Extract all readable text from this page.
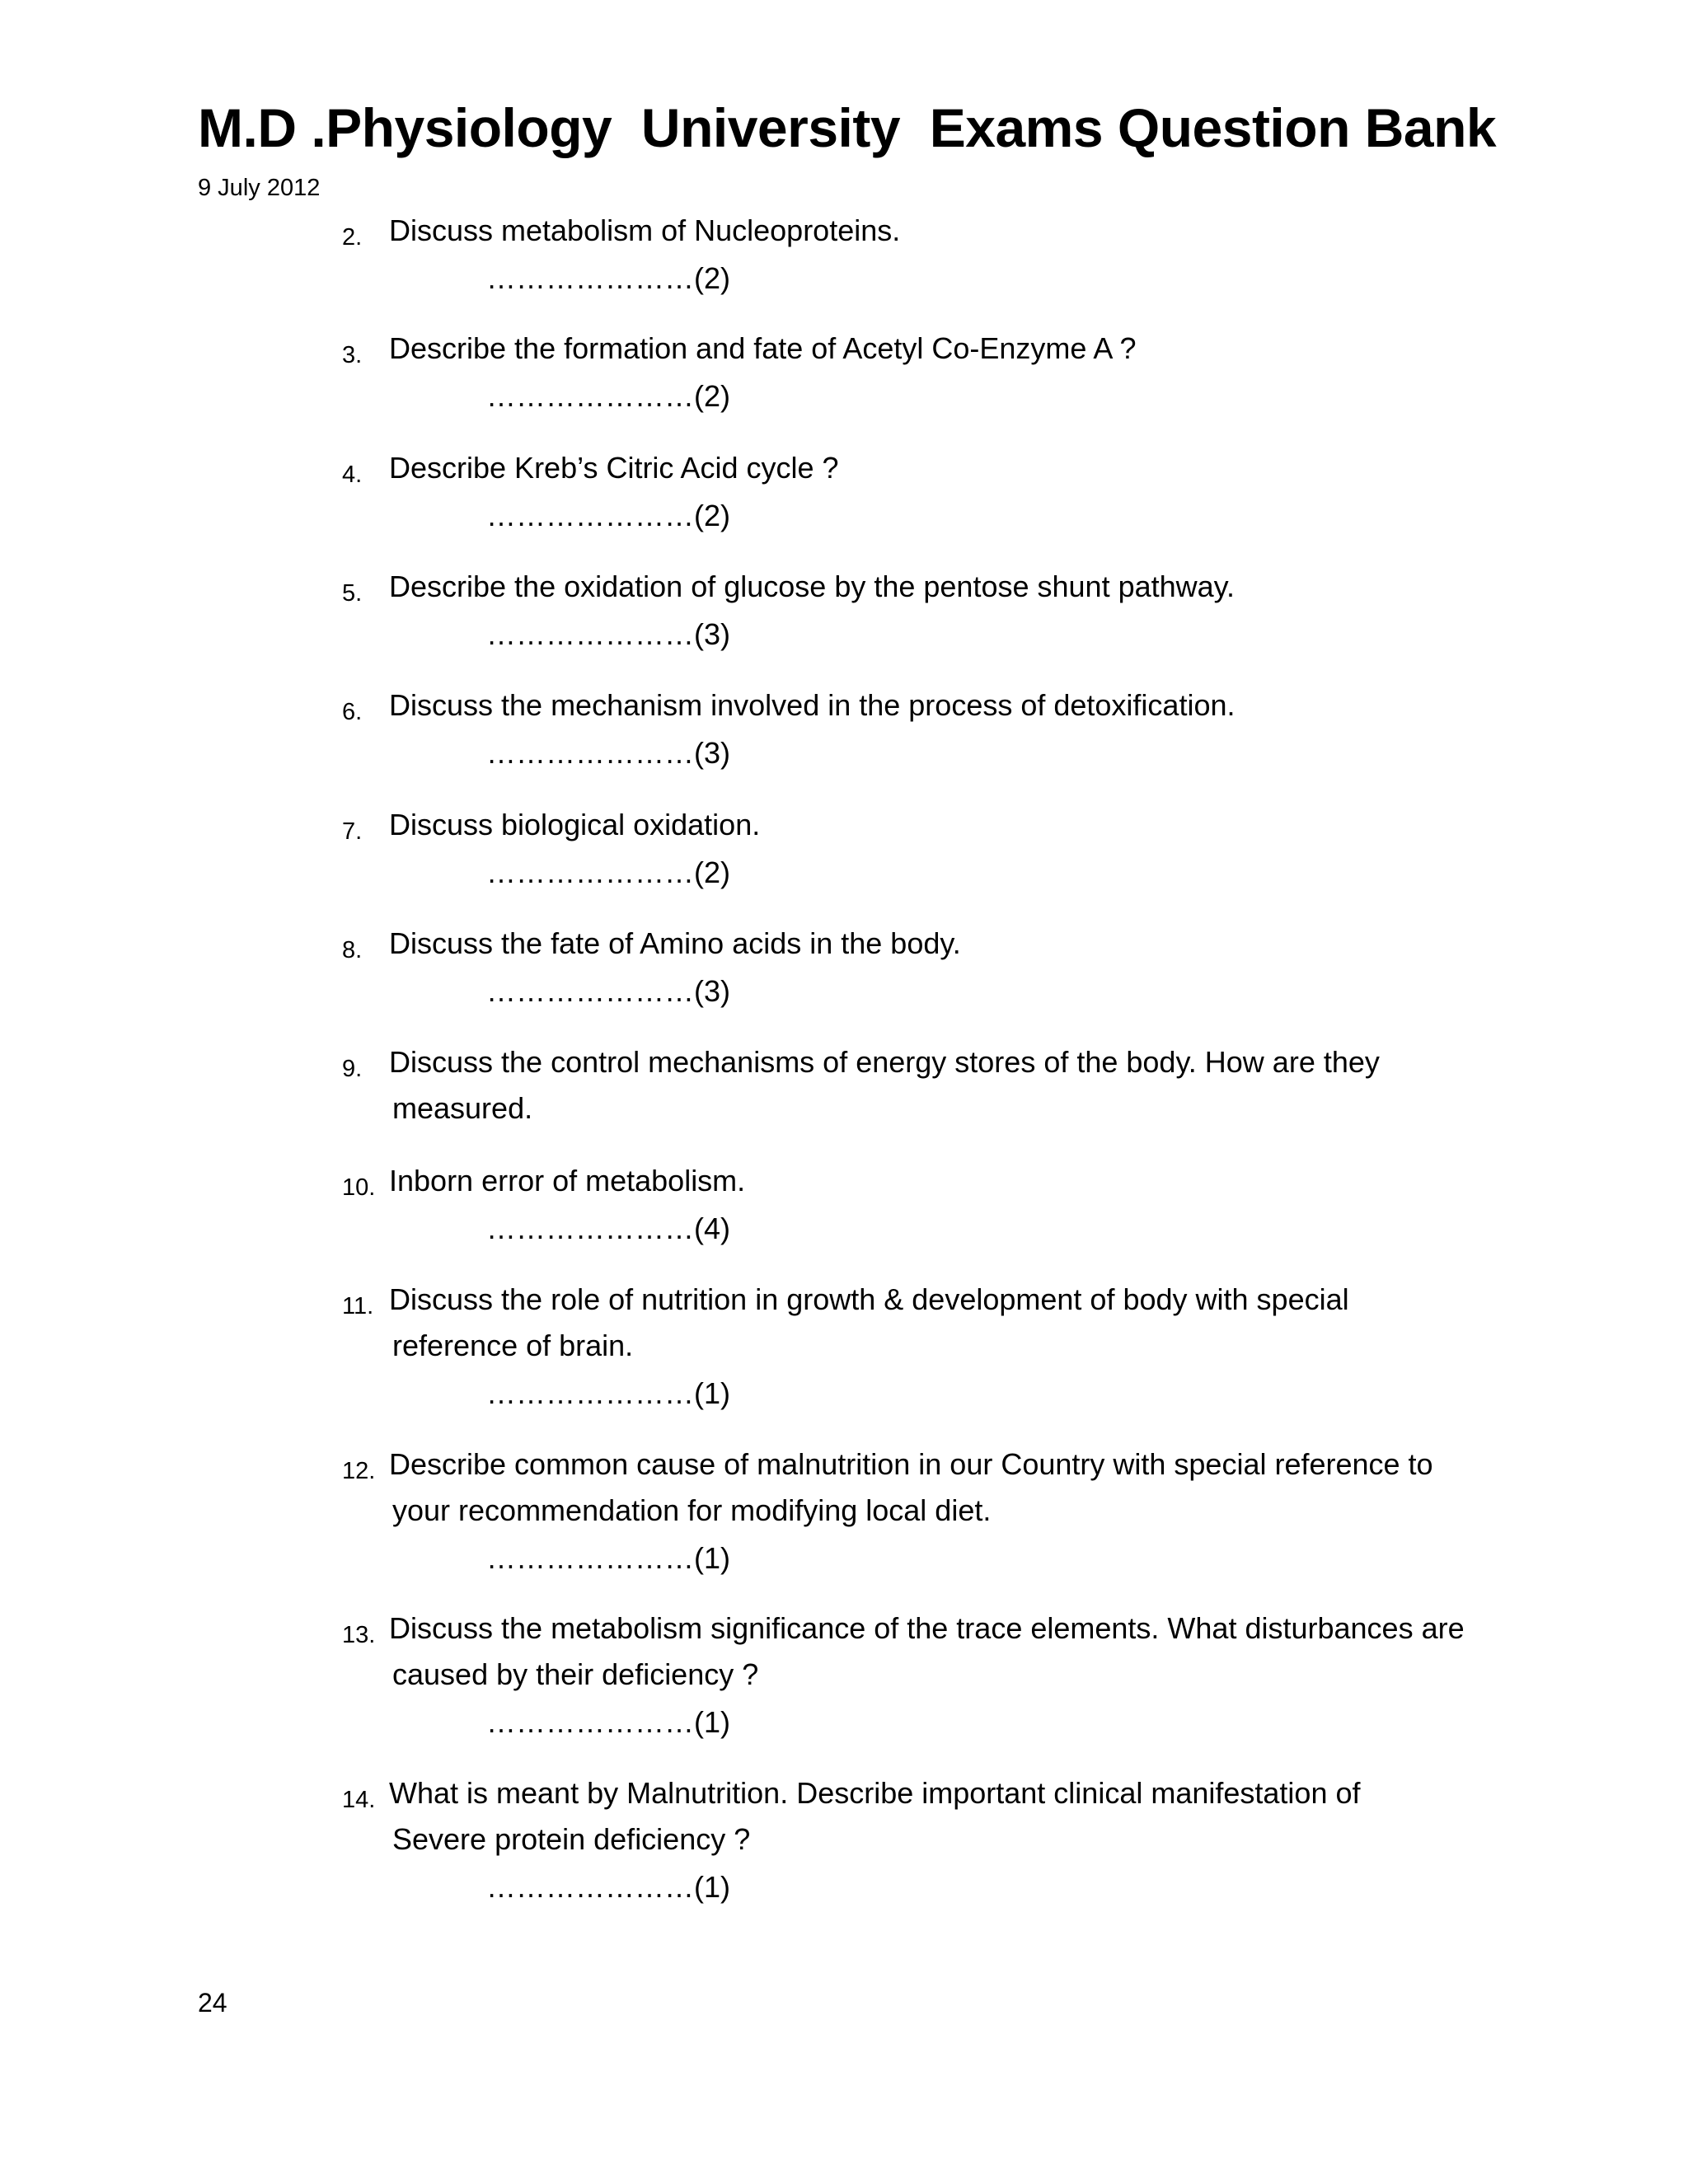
M.D .Physiology  University  Exams Question Bank
9 July 2012
2. Discuss metabolism of Nucleoproteins.
…………………(2)
3. Describe the formation and fate of Acetyl Co-Enzyme A ?
…………………(2)
4. Describe Kreb’s Citric Acid cycle ?
…………………(2)
5. Describe the oxidation of glucose by the pentose shunt pathway.
…………………(3)
6. Discuss the mechanism involved in the process of detoxification.
…………………(3)
7. Discuss biological oxidation.
…………………(2)
8. Discuss the fate of Amino acids in the body.
…………………(3)
9. Discuss the control mechanisms of energy stores of the body. How are they
measured.
10. Inborn error of metabolism.
…………………(4)
11. Discuss the role of nutrition in growth & development of body with special
reference of brain.
…………………(1)
12. Describe common cause of malnutrition in our Country with special reference to
your recommendation for modifying local diet.
…………………(1)
13. Discuss the metabolism significance of the trace elements. What disturbances are
caused by their deficiency ?
…………………(1)
14. What is meant by Malnutrition. Describe important clinical manifestation of
Severe protein deficiency ?
…………………(1)
24
